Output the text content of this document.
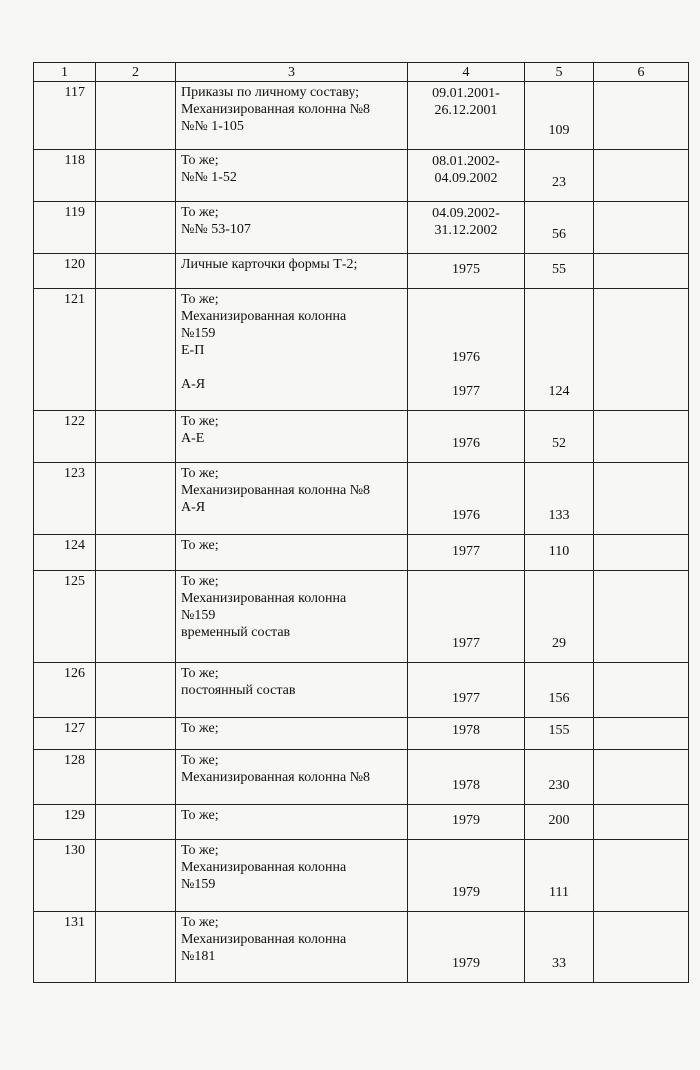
1	2	3	4	5	6
117		Приказы по личному составу;
Механизированная колонна №8
№№ 1-105	09.01.2001-
26.12.2001	109	
118		То же;
№№ 1-52	08.01.2002-
04.09.2002	23	
119		То же;
№№ 53-107	04.09.2002-
31.12.2002	56	
120		Личные карточки формы Т-2;	1975	55	
121		То же;
Механизированная колонна
№159
Е-П
А-Я	1976
1977	124	
122		То же;
А-Е	1976	52	
123		То же;
Механизированная колонна №8
А-Я	1976	133	
124		То же;	1977	110	
125		То же;
Механизированная колонна
№159
временный состав	1977	29	
126		То же;
постоянный состав	1977	156	
127		То же;	1978	155	
128		То же;
Механизированная колонна №8	1978	230	
129		То же;	1979	200	
130		То же;
Механизированная колонна
№159	1979	111	
131		То же;
Механизированная колонна
№181	1979	33	
